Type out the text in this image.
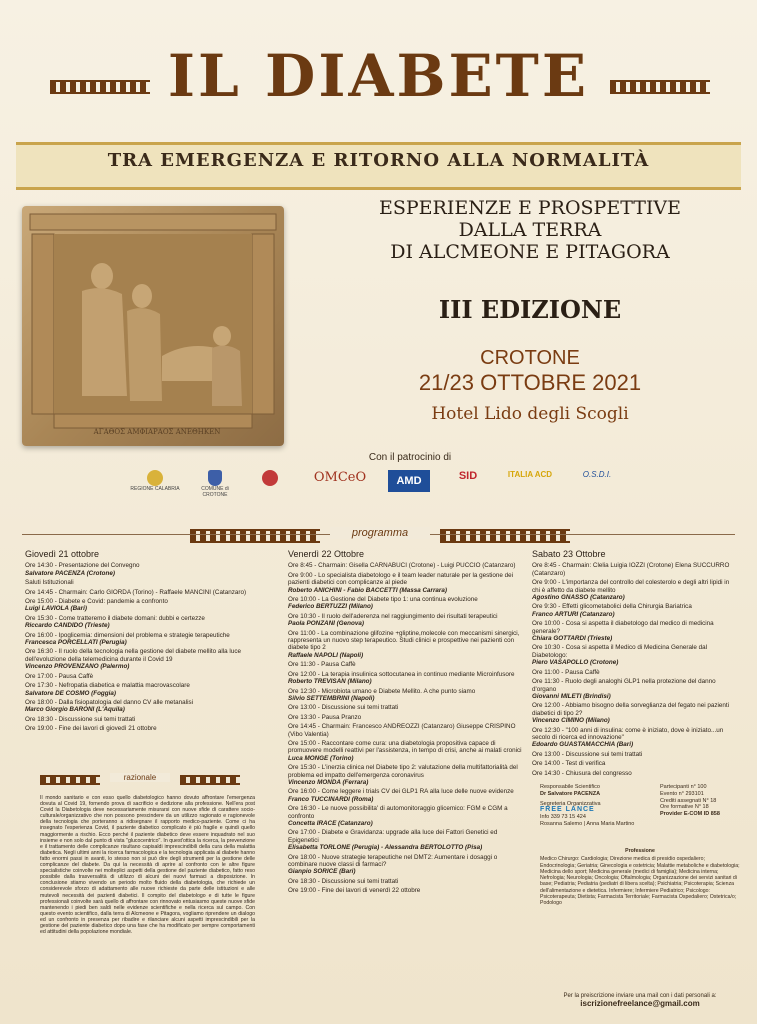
IL DIABETE
TRA EMERGENZA E RITORNO ALLA NORMALITÀ
ΑΓΑΘΟΣ ΑΜΦΙΑΡΑΟΣ ΑΝΕΘΗΚΕΝ
ESPERIENZE E PROSPETTIVE
DALLA TERRA
DI ALCMEONE E PITAGORA
III EDIZIONE
CROTONE
21/23 OTTOBRE 2021
Hotel Lido degli Scogli
Con il patrocinio di
REGIONE CALABRIA	COMUNE di CROTONE
OMCeO	AMD	SID	ITALIA ACD	O.S.D.I.
programma
Giovedì 21 ottobre
Ore 14:30 - Presentazione del Convegno
Salvatore PACENZA (Crotone)
Saluti Istituzionali
Ore 14:45 - Charmain: Carlo GIORDA (Torino) - Raffaele MANCINI (Catanzaro)
Ore 15:00 - Diabete e Covid: pandemie a confronto
Luigi LAVIOLA (Bari)
Ore 15:30 - Come tratteremo il diabete domani: dubbi e certezze
Riccardo CANDIDO (Trieste)
Ore 16:00 - Ipoglicemia: dimensioni del problema e strategie terapeutiche
Francesca PORCELLATI (Perugia)
Ore 16:30 - Il ruolo della tecnologia nella gestione del diabete mellito alla luce dell'evoluzione della telemedicina durante il Covid 19
Vincenzo PROVENZANO (Palermo)
Ore 17:00 - Pausa Caffè
Ore 17:30 - Nefropatia diabetica e malattia macrovascolare
Salvatore DE COSMO (Foggia)
Ore 18:00 - Dalla fisiopatologia del danno CV alle metanalisi
Marco Giorgio BARONI (L'Aquila)
Ore 18:30 - Discussione sui temi trattati
Ore 19:00 - Fine dei lavori di giovedì 21 ottobre
Venerdì 22 Ottobre
Ore 8:45 - Charmain: Gisella CARNABUCI (Crotone) - Luigi PUCCIO (Catanzaro)
Ore 9:00 - Lo specialista diabetologo e il team leader naturale per la gestione dei pazienti diabetici con complicanze al piede
Roberto ANICHINI - Fabio BACCETTI (Massa Carrara)
Ore 10:00 - La Gestione del Diabete tipo 1: una continua evoluzione
Federico BERTUZZI (Milano)
Ore 10:30 - Il ruolo dell'aderenza nel raggiungimento dei risultati terapeutici
Paola PONZANI (Genova)
Ore 11:00 - La combinazione glifozine +gliptine,molecole con meccanismi sinergici, rappresenta un nuovo step terapeutico. Studi clinici e prospettive nei pazienti con diabete tipo 2
Raffaele NAPOLI (Napoli)
Ore 11:30 - Pausa Caffè
Ore 12:00 - La terapia insulinica sottocutanea in continuo mediante Microinfusore
Roberto TREVISAN (Milano)
Ore 12:30 - Microbiota umano e Diabete Mellito. A che punto siamo
Silvio SETTEMBRINI (Napoli)
Ore 13:00 - Discussione sui temi trattati
Ore 13:30 - Pausa Pranzo
Ore 14:45 - Charmain: Francesco ANDREOZZI (Catanzaro) Giuseppe CRISPINO (Vibo Valentia)
Ore 15:00 - Raccontare come cura: una diabetologia propositiva capace di promuovere modelli reattivi per l'assistenza, in tempo di crisi, anche ai malati cronici
Luca MONGE (Torino)
Ore 15:30 - L'inerzia clinica nel Diabete tipo 2: valutazione della multifattorialità del problema ed impatto dell'emergenza coronavirus
Vincenzo MONDA (Ferrara)
Ore 16:00 - Come leggere i trials CV dei GLP1 RA alla luce delle nuove evidenze
Franco TUCCINARDI (Roma)
Ore 16:30 - Le nuove possibilita' di automonitoraggio glicemico: FGM e CGM a confronto
Concetta IRACE (Catanzaro)
Ore 17:00 - Diabete e Gravidanza: upgrade alla luce dei Fattori Genetici ed Epigenetici
Elisabetta TORLONE (Perugia) - Alessandra BERTOLOTTO (Pisa)
Ore 18:00 - Nuove strategie terapeutiche nel DMT2: Aumentare i dosaggi o combinare nuove classi di farmaci?
Gianpio SORICE (Bari)
Ore 18:30 - Discussione sui temi trattati
Ore 19:00 - Fine dei lavori di venerdì 22 ottobre
Sabato 23 Ottobre
Ore 8:45 - Charmain: Clelia Luigia IOZZI (Crotone) Elena SUCCURRO (Catanzaro)
Ore 9:00 - L'importanza del controllo del colesterolo e degli altri lipidi in chi è affetto da diabete mellito
Agostino GNASSO (Catanzaro)
Ore 9:30 - Effetti glicometabolici della Chirurgia Bariatrica
Franco ARTURI (Catanzaro)
Ore 10:00 - Cosa si aspetta il diabetologo dal medico di medicina generale?
Chiara GOTTARDI (Trieste)
Ore 10:30 - Cosa si aspetta il Medico di Medicina Generale dal Diabetologo:
Piero VASAPOLLO (Crotone)
Ore 11:00 - Pausa Caffè
Ore 11:30 - Ruolo degli analoghi GLP1 nella protezione del danno d'organo
Giovanni MILETI (Brindisi)
Ore 12:00 - Abbiamo bisogno della sorveglianza del fegato nei pazienti diabetici di tipo 2?
Vincenzo CIMINO (Milano)
Ore 12:30 - "100 anni di insulina: come è iniziato, dove è iniziato...un secolo di ricerca ed innovazione"
Edoardo GUASTAMACCHIA (Bari)
Ore 13:00 - Discussione sui temi trattati
Ore 14:00 - Test di verifica
Ore 14:30 - Chiusura del congresso
razionale
Il mondo sanitario e con esso quello diabetologico hanno dovuto affrontare l'emergenza dovuta al Covid 19, fornendo prova di sacrificio e dedizione alla professione. Nell'era post Covid la Diabetologia deve necessariamente misurarsi con nuove sfide di carattere socio- culturale/organizzativo che non possono prescindere da un utilizzo ragionato e ragionevole della tecnologia che porteranno a ridisegnare il rapporto medico-paziente. Come ci ha insegnato l'esperienza Covid, il paziente diabetico complicato è più fragile e quindi quello maggiormente a rischio. Ecco perché il paziente diabetico deve essere inquadrato nel suo insieme e non solo dal punto di vista "glucocentrico". In quest'ottica la ricerca, la prevenzione e il trattamento delle complicanze risultano capisaldi imprescindibili della cura della malattia diabetica. Negli ultimi anni la ricerca farmacologica e la tecnologia applicata al diabete hanno fatto enormi passi in avanti, lo stesso non si può dire degli strumenti per la gestione delle complicanze del diabete. Da qui la necessità di aprire al confronto con le altre figure specialistiche coinvolte nei molteplici aspetti della gestione del paziente diabetico, fatto reso possibile dalla trasversalità di utilizzo di alcuni dei nuovi farmaci a disposizione. In conclusione stiamo vivendo un periodo molto fluido della diabetologia, che richiede un considerevole sforzo di adattamento alle nuove richieste da parte delle istituzioni e alle mutevoli necessità dei pazienti diabetici. Il compito del diabetologo e di tutte le figure professionali coinvolte sarà quello di affrontare con rinnovato entusiasmo queste nuove sfide mantenendo i piedi ben saldi nelle evidenze scientifiche e nella ricerca sul campo. Con questo evento scientifico, dalla terra di Alcmeone e Pitagora, vogliamo riprendere un dialogo ed un confronto in presenza per ribadire e rilanciare alcuni aspetti imprescindibili per la gestione del paziente diabetico dopo una fase che ha modificato per sempre comportamenti ed attitudini della popolazione mondiale.
Responsabile Scientifico
Dr Salvatore PACENZA
Segreteria Organizzativa
FREE LANCE
Info 339 73 15 424
Rosanna Salemo | Anna Maria Martino
Partecipanti n° 100
Evento n° 293101
Crediti assegnati N° 18
Ore formative N° 18
Provider E-COM ID 858
Professione
Medico Chirurgo: Cardiologia; Direzione medica di presidio ospedaliero; Endocrinologia; Geriatria; Ginecologia e ostetricia; Malattie metaboliche e diabetologia; Medicina dello sport; Medicina generale (medici di famiglia); Medicina interna; Nefrologia; Neurologia; Oncologia; Oftalmologia; Organizzazione dei servizi sanitari di base; Pediatria; Pediatria (pediatri di libera scelta); Psichiatria; Psicoterapia; Scienza dell'alimentazione e dietetica. Infermiere; Infermiere Pediatrico; Psicologo: Psicoterapeuta; Dietista; Farmacista Territoriale; Farmacista Ospedaliero; Ostetrica/o; Podologo
Per la preiscrizione inviare una mail con i dati personali a:
iscrizionefreelance@gmail.com
